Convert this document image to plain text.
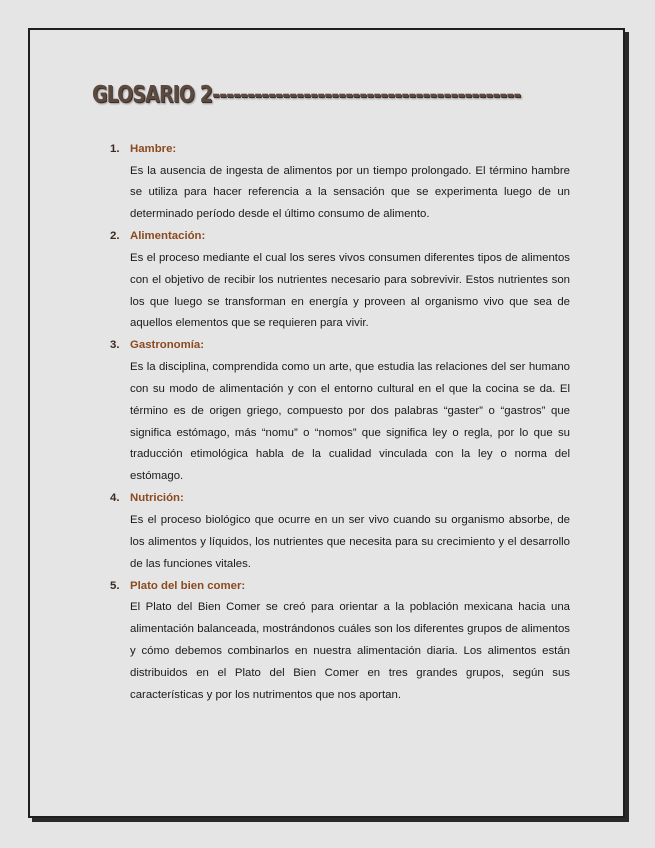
GLOSARIO 2--------------------------------------------
1. Hambre:

Es la ausencia de ingesta de alimentos por un tiempo prolongado. El término hambre se utiliza para hacer referencia a la sensación que se experimenta luego de un determinado período desde el último consumo de alimento.

2. Alimentación:

Es el proceso mediante el cual los seres vivos consumen diferentes tipos de alimentos con el objetivo de recibir los nutrientes necesario para sobrevivir. Estos nutrientes son los que luego se transforman en energía y proveen al organismo vivo que sea de aquellos elementos que se requieren para vivir.

3. Gastronomía:

Es la disciplina, comprendida como un arte, que estudia las relaciones del ser humano con su modo de alimentación y con el entorno cultural en el que la cocina se da. El término es de origen griego, compuesto por dos palabras “gaster” o “gastros” que significa estómago, más “nomu” o “nomos” que significa ley o regla, por lo que su traducción etimológica habla de la cualidad vinculada con la ley o norma del estómago.

4. Nutrición:

Es el proceso biológico que ocurre en un ser vivo cuando su organismo absorbe, de los alimentos y líquidos, los nutrientes que necesita para su crecimiento y el desarrollo de las funciones vitales.

5. Plato del bien comer:

El Plato del Bien Comer se creó para orientar a la población mexicana hacia una alimentación balanceada, mostrándonos cuáles son los diferentes grupos de alimentos y cómo debemos combinarlos en nuestra alimentación diaria. Los alimentos están distribuidos en el Plato del Bien Comer en tres grandes grupos, según sus características y por los nutrimentos que nos aportan.
